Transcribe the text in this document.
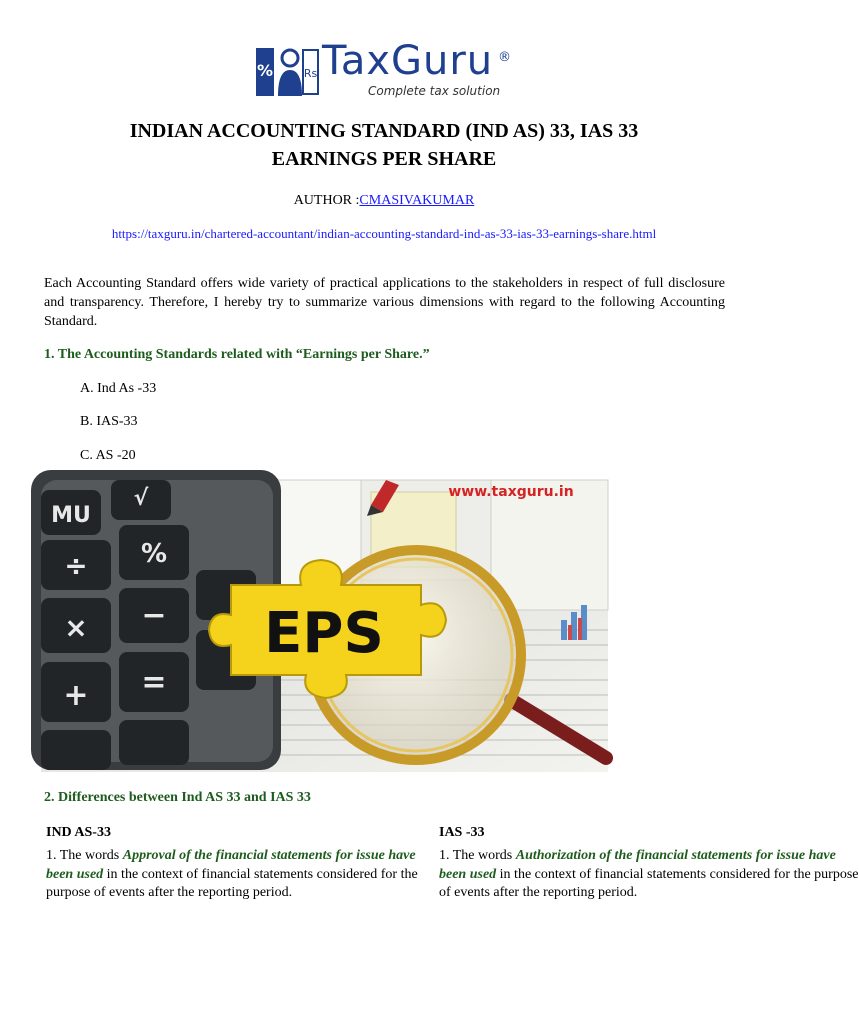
%	Rs TaxGuru ®
Complete tax solution
INDIAN ACCOUNTING STANDARD (IND AS) 33, IAS 33
EARNINGS PER SHARE
AUTHOR :CMASIVAKUMAR
https://taxguru.in/chartered-accountant/indian-accounting-standard-ind-as-33-ias-33-earnings-share.html
Each Accounting Standard offers wide variety of practical applications to the stakeholders in respect of full disclosure and transparency. Therefore, I hereby try to summarize various dimensions with regard to the following Accounting Standard.
1. The Accounting Standards related with “Earnings per Share.”
A. Ind As -33
B. IAS-33
C. AS -20
MU
√
÷ %
× −
+ =
EPS
www.taxguru.in
2. Differences between Ind AS 33 and IAS 33
IND AS-33	IAS -33
1. The words Approval of the financial statements for issue have been used in the context of financial statements considered for the purpose of events after the reporting period.
1. The words Authorization of the financial statements for issue have been used in the context of financial statements considered for the purpose of events after the reporting period.
